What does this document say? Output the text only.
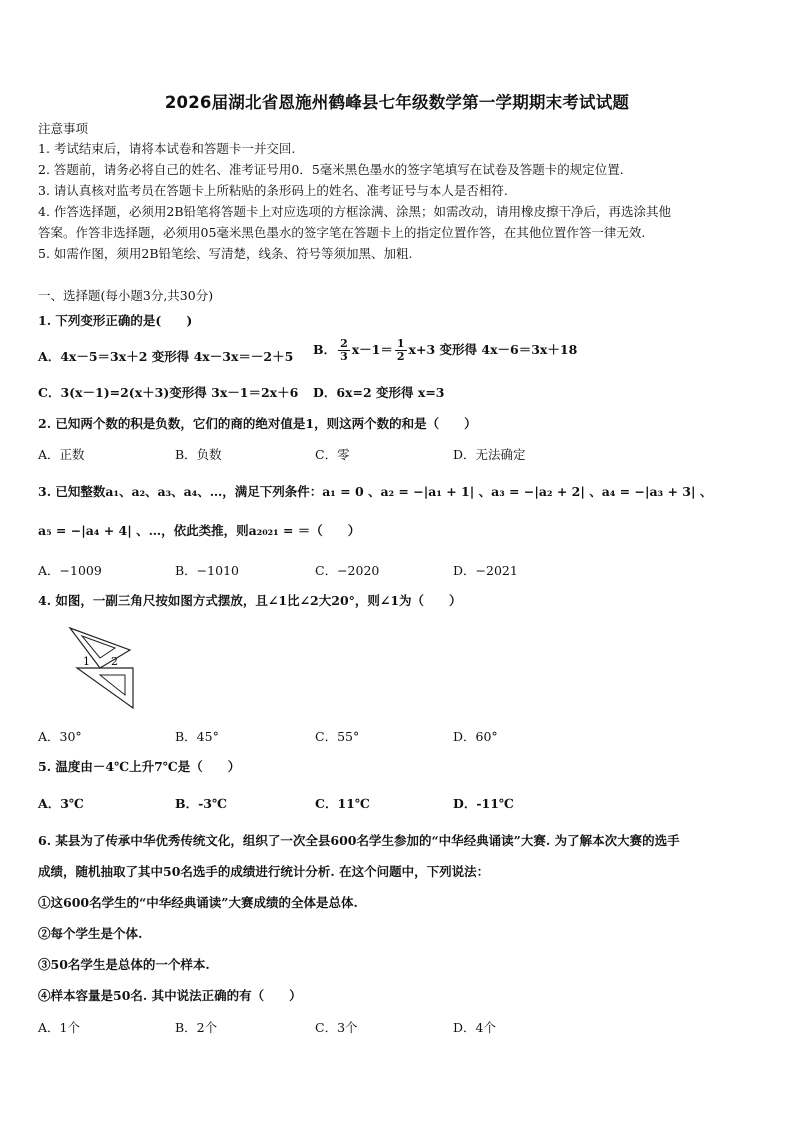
2026届湖北省恩施州鹤峰县七年级数学第一学期期末考试试题
注意事项
1. 考试结束后，请将本试卷和答题卡一并交回.
2. 答题前，请务必将自己的姓名、准考证号用0．5毫米黑色墨水的签字笔填写在试卷及答题卡的规定位置.
3. 请认真核对监考员在答题卡上所粘贴的条形码上的姓名、准考证号与本人是否相符.
4. 作答选择题，必须用2B铅笔将答题卡上对应选项的方框涂满、涂黑；如需改动，请用橡皮擦干净后，再选涂其他
答案。作答非选择题，必须用05毫米黑色墨水的签字笔在答题卡上的指定位置作答，在其他位置作答一律无效.
5. 如需作图，须用2B铅笔绘、写清楚，线条、符号等须加黑、加粗.
一、选择题(每小题3分,共30分)
1. 下列变形正确的是(　　)
A．4x－5＝3x＋2 变形得 4x－3x＝－2＋5 B． $\frac{2}{3} x-1= \frac{1}{2} x+3$ 变形得 4x－6＝3x＋18
C．3(x－1)=2(x＋3)变形得 3x－1＝2x＋6 D．6x=2 变形得 x=3
2. 已知两个数的积是负数，它们的商的绝对值是1，则这两个数的和是（　　）
A．正数	B．负数	C．零	D．无法确定
3. 已知整数a₁、a₂、a₃、a₄、…，满足下列条件：a₁ = 0 、a₂ = −|a₁ + 1| 、a₃ = −|a₂ + 2| 、a₄ = −|a₃ + 3| 、
a₅ = −|a₄ + 4| 、…，依此类推，则a₂₀₂₁ = ＝（　　）
A．−1009	B．−1010	C．−2020	D．−2021
4. 如图，一副三角尺按如图方式摆放，且∠1比∠2大20°，则∠1为（　　）
1 2
A．30°	B．45°	C．55°	D．60°
5. 温度由－4℃上升7℃是（　　）
A．3℃	B．-3℃	C．11℃	D．-11℃
6. 某县为了传承中华优秀传统文化，组织了一次全县600名学生参加的“中华经典诵读”大赛. 为了解本次大赛的选手
成绩，随机抽取了其中50名选手的成绩进行统计分析. 在这个问题中，下列说法：
①这600名学生的“中华经典诵读”大赛成绩的全体是总体.
②每个学生是个体.
③50名学生是总体的一个样本.
④样本容量是50名. 其中说法正确的有（　　）
A．1个	B．2个	C．3个	D．4个
